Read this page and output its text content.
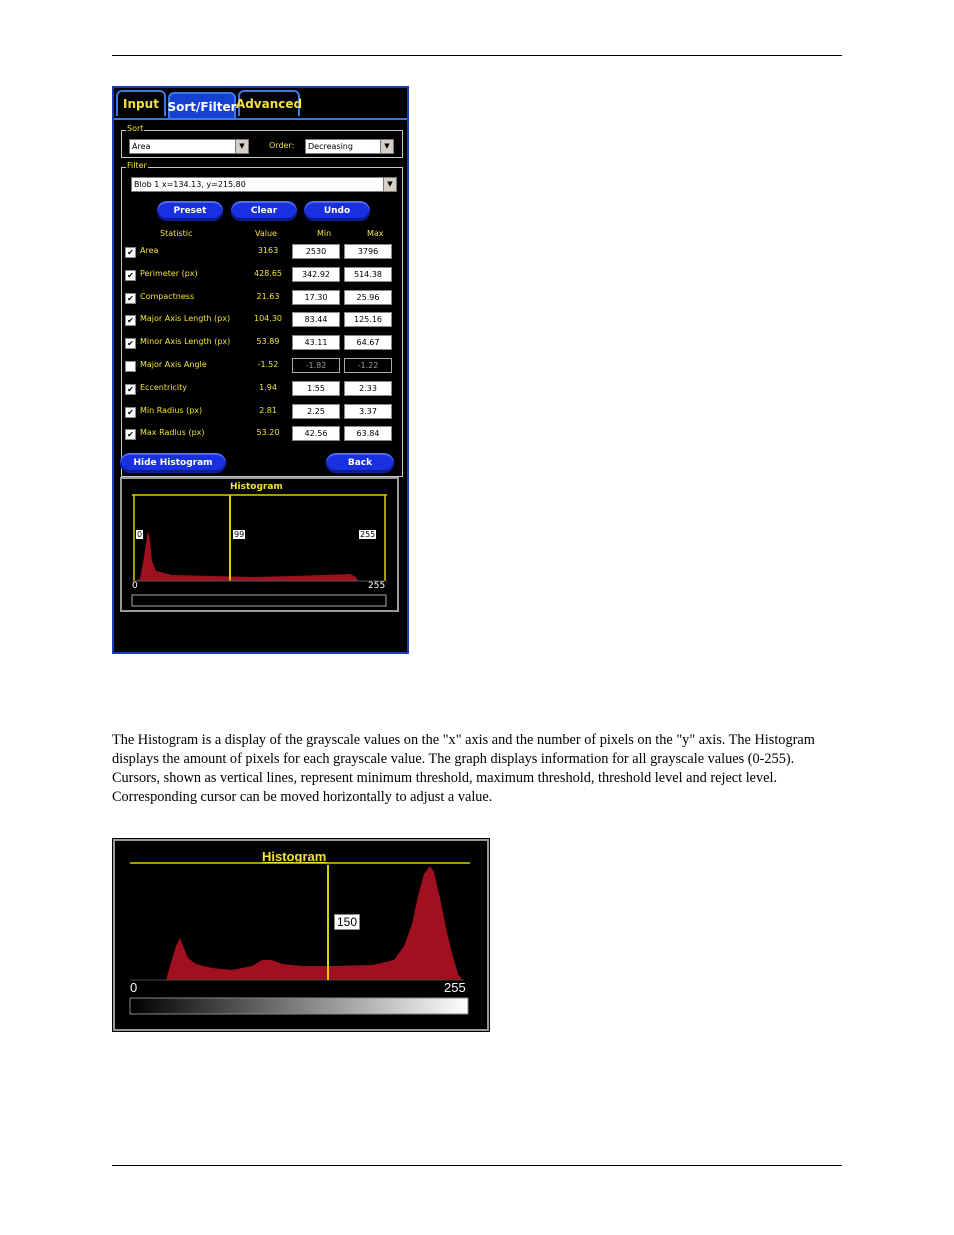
Input Sort/Filter Advanced
Sort
Area	▼	Order:	Decreasing	▼
Filter
Blob 1 x=134.13, y=215.80	▼
Preset	Clear	Undo
Statistic	Value	Min	Max
✔ Area	3163	2530	3796
✔ Perimeter (px)	428.65	342.92	514.38
✔ Compactness	21.63	17.30	25.96
✔ Major Axis Length (px)	104.30	83.44	125.16
✔ Minor Axis Length (px)	53.89	43.11	64.67
Major Axis Angle	-1.52	-1.82	-1.22
✔ Eccentricity	1.94	1.55	2.33
✔ Min Radius (px)	2.81	2.25	3.37
✔ Max Radius (px)	53.20	42.56	63.84
Hide Histogram	Back
Histogram
0	99	255
0	255
The Histogram is a display of the grayscale values on the "x" axis and the number of pixels on the "y" axis. The Histogram displays the amount of pixels for each grayscale value. The graph displays information for all grayscale values (0-255). Cursors, shown as vertical lines, represent minimum threshold, maximum threshold, threshold level and reject level. Corresponding cursor can be moved horizontally to adjust a value.
Histogram
150
0	255
